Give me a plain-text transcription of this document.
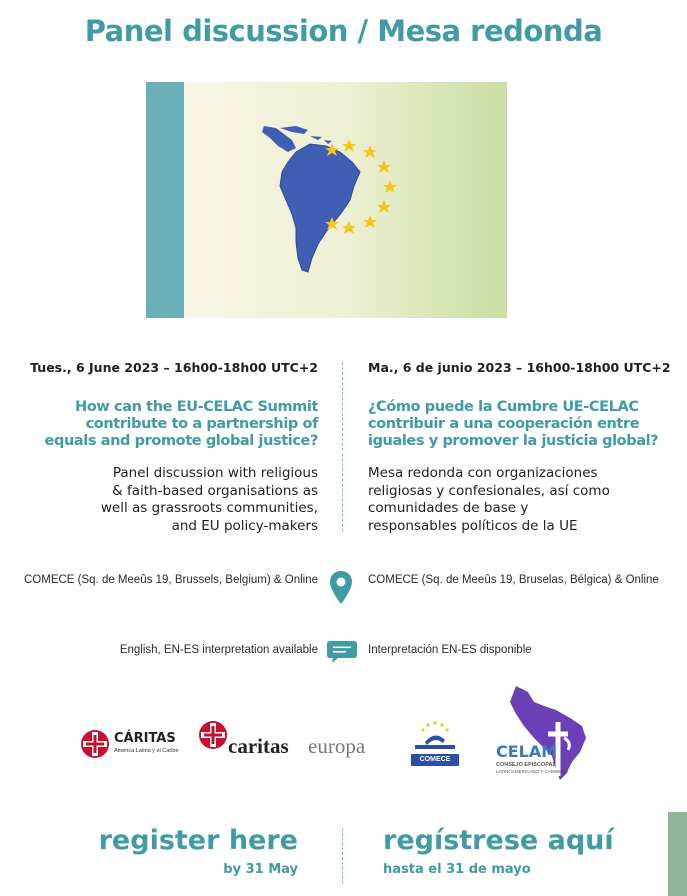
Panel discussion / Mesa redonda
Tues., 6 June 2023 – 16h00-18h00 UTC+2
How can the EU-CELAC Summit
contribute to a partnership of
equals and promote global justice?
Panel discussion with religious
& faith-based organisations as
well as grassroots communities,
and EU policy-makers
Ma., 6 de junio 2023 – 16h00-18h00 UTC+2
¿Cómo puede la Cumbre UE-CELAC
contribuir a una cooperación entre
iguales y promover la justicia global?
Mesa redonda con organizaciones
religiosas y confesionales, así como
comunidades de base y
responsables políticos de la UE
COMECE (Sq. de Meeûs 19, Brussels, Belgium) & Online	COMECE (Sq. de Meeûs 19, Bruselas, Bélgica) & Online
English, EN-ES interpretation available	Interpretación EN-ES disponible
CÁRITAS
América Latina y el Caribe caritas europa
COMECE	CELAM
CONSEJO EPISCOPAL
LATINOAMERICANO Y CARIBEÑO
register here
by 31 May
regístrese aquí
hasta el 31 de mayo
